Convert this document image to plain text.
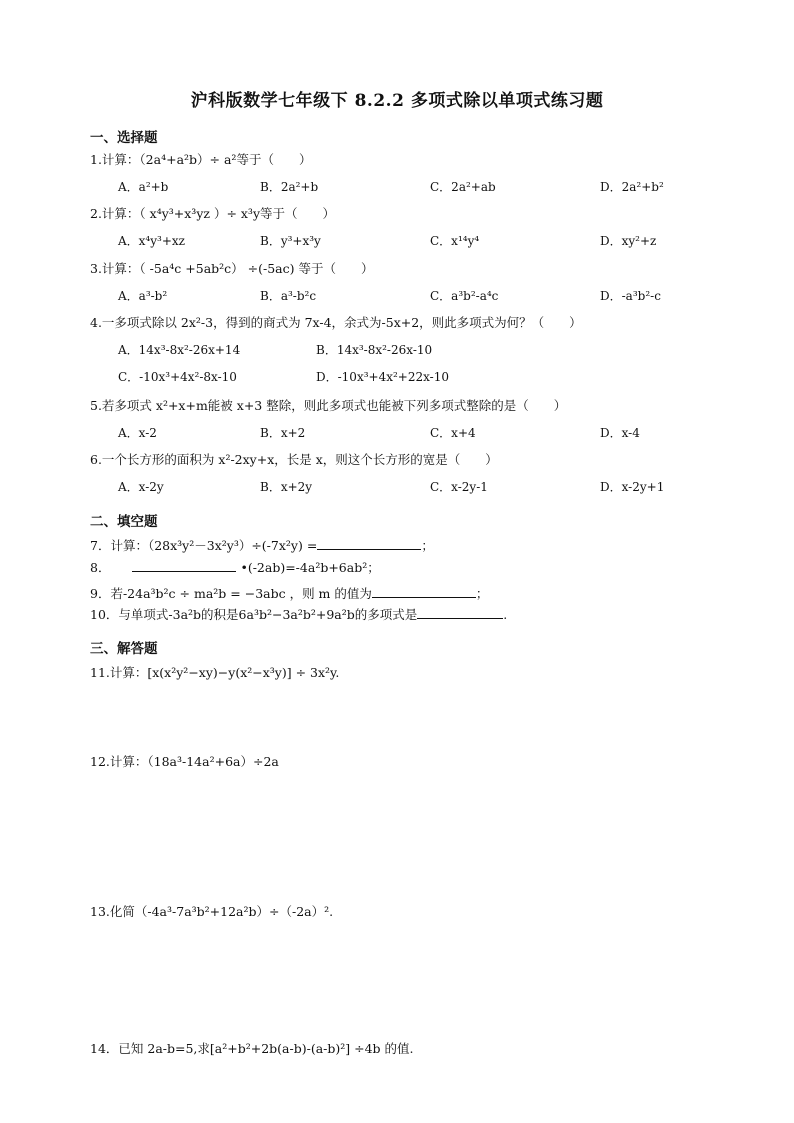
沪科版数学七年级下 8.2.2 多项式除以单项式练习题
一、选择题
1.计算：（2a⁴+a²b）÷ a²等于（　　）
A．a²+b	B．2a²+b	C．2a²+ab	D．2a²+b²
2.计算：（ x⁴y³+x³yz ）÷ x³y等于（　　）
A．x⁴y³+xz	B．y³+x³y	C．x¹⁴y⁴	D．xy²+z
3.计算：（ -5a⁴c +5ab²c） ÷(-5ac) 等于（　　）
A．a³-b²	B．a³-b²c	C．a³b²-a⁴c	D．-a³b²-c
4.一多项式除以 2x²-3，得到的商式为 7x-4，余式为-5x+2，则此多项式为何？（　　）
A．14x³-8x²-26x+14	B．14x³-8x²-26x-10
C．-10x³+4x²-8x-10	D．-10x³+4x²+22x-10
5.若多项式 x²+x+m能被 x+3 整除，则此多项式也能被下列多项式整除的是（　　）
A．x-2	B．x+2	C．x+4	D．x-4
6.一个长方形的面积为 x²-2xy+x，长是 x，则这个长方形的宽是（　　）
A．x-2y	B．x+2y	C．x-2y-1	D．x-2y+1
二、填空题
7．计算：（28x³y²－3x²y³）÷(-7x²y) =	；
8．	•(-2ab)=-4a²b+6ab²；
9．若-24a³b²c ÷ ma²b = −3abc ，则 m 的值为	；
10．与单项式-3a²b的积是6a³b²−3a²b²+9a²b的多项式是	.
三、解答题
11.计算：[x(x²y²−xy)−y(x²−x³y)] ÷ 3x²y.
12.计算：（18a³-14a²+6a）÷2a
13.化简（-4a³-7a³b²+12a²b）÷（-2a）².
14．已知 2a-b=5,求[a²+b²+2b(a-b)-(a-b)²] ÷4b 的值.
